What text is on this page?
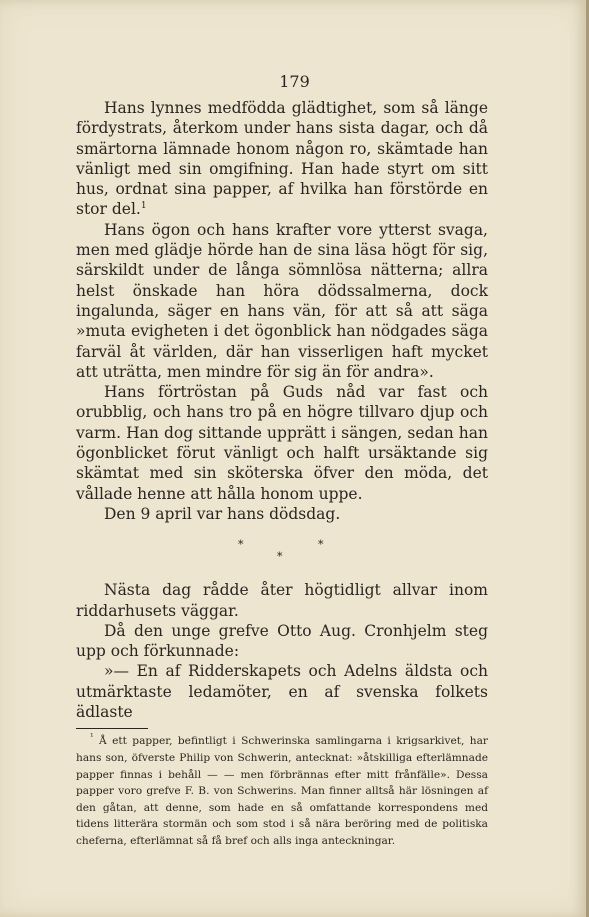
179

Hans lynnes medfödda glädtighet, som så länge fördystrats, återkom under hans sista dagar, och då smärtorna lämnade honom någon ro, skämtade han vänligt med sin omgifning. Han hade styrt om sitt hus, ordnat sina papper, af hvilka han förstörde en stor del.$^1$

Hans ögon och hans krafter vore ytterst svaga, men med glädje hörde han de sina läsa högt för sig, särskildt under de långa sömnlösa nätterna; allra helst önskade han höra dödssalmerna, dock ingalunda, säger en hans vän, för att så att säga »muta evigheten i det ögonblick han nödgades säga farväl åt världen, där han visserligen haft mycket att uträtta, men mindre för sig än för andra».

Hans förtröstan på Guds nåd var fast och orubblig, och hans tro på en högre tillvaro djup och varm. Han dog sittande upprätt i sängen, sedan han ögonblicket förut vänligt och halft ursäktande sig skämtat med sin sköterska öfver den möda, det vållade henne att hålla honom uppe.

Den 9 april var hans dödsdag.

*	*
*

Nästa dag rådde åter högtidligt allvar inom riddarhusets väggar.

Då den unge grefve Otto Aug. Cronhjelm steg upp och förkunnade:

»— En af Ridderskapets och Adelns äldsta och utmärktaste ledamöter, en af svenska folkets ädlaste

$^{^1}$ Å ett papper, befintligt i Schwerinska samlingarna i krigsarkivet, har hans son, öfverste Philip von Schwerin, antecknat: »åtskilliga efterlämnade papper finnas i behåll — — men förbrännas efter mitt frånfälle». Dessa papper voro grefve F. B. von Schwerins. Man finner alltså här lösningen af den gåtan, att denne, som hade en så omfattande korrespondens med tidens litterära stormän och som stod i så nära beröring med de politiska cheferna, efterlämnat så få bref och alls inga anteckningar.
